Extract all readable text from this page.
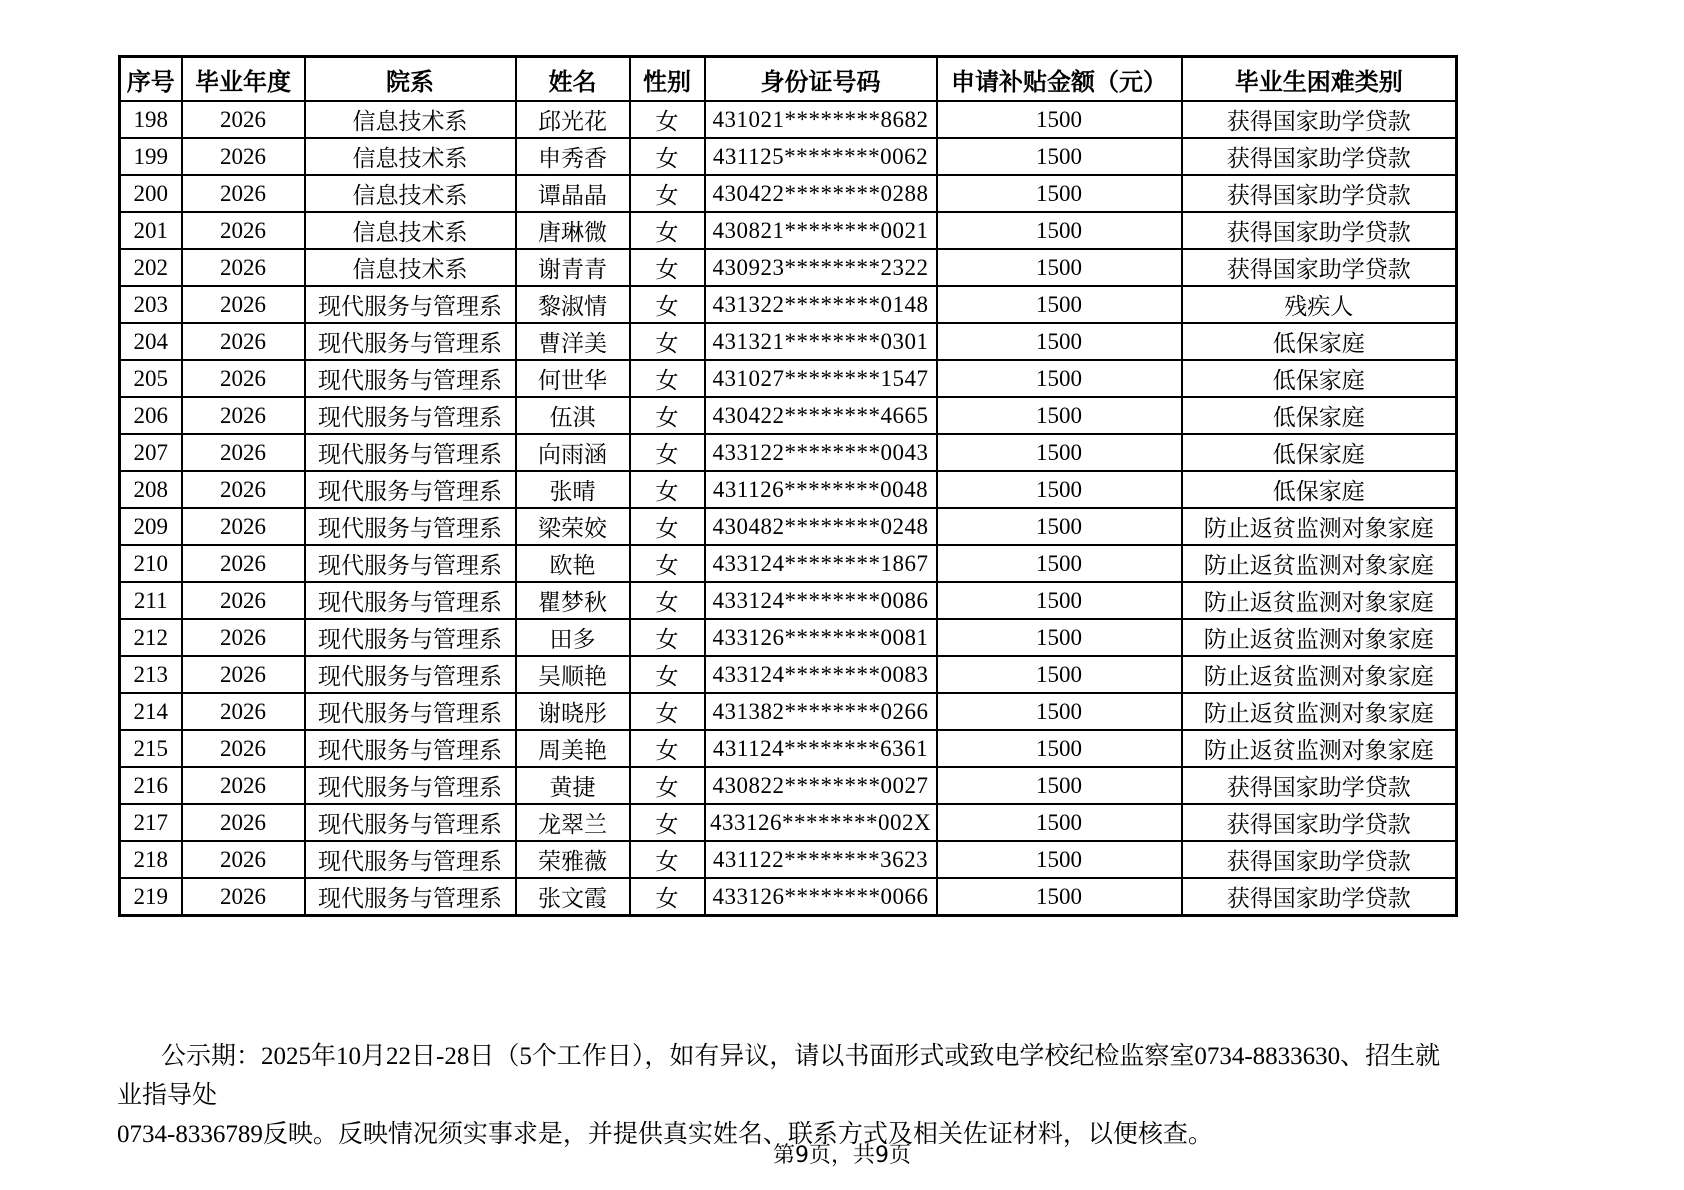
序号	毕业年度	院系	姓名	性别	身份证号码	申请补贴金额（元）	毕业生困难类别
198	2026	信息技术系	邱光花	女	431021********8682	1500	获得国家助学贷款
199	2026	信息技术系	申秀香	女	431125********0062	1500	获得国家助学贷款
200	2026	信息技术系	谭晶晶	女	430422********0288	1500	获得国家助学贷款
201	2026	信息技术系	唐琳微	女	430821********0021	1500	获得国家助学贷款
202	2026	信息技术系	谢青青	女	430923********2322	1500	获得国家助学贷款
203	2026	现代服务与管理系	黎淑情	女	431322********0148	1500	残疾人
204	2026	现代服务与管理系	曹洋美	女	431321********0301	1500	低保家庭
205	2026	现代服务与管理系	何世华	女	431027********1547	1500	低保家庭
206	2026	现代服务与管理系	伍淇	女	430422********4665	1500	低保家庭
207	2026	现代服务与管理系	向雨涵	女	433122********0043	1500	低保家庭
208	2026	现代服务与管理系	张晴	女	431126********0048	1500	低保家庭
209	2026	现代服务与管理系	梁荣姣	女	430482********0248	1500	防止返贫监测对象家庭
210	2026	现代服务与管理系	欧艳	女	433124********1867	1500	防止返贫监测对象家庭
211	2026	现代服务与管理系	瞿梦秋	女	433124********0086	1500	防止返贫监测对象家庭
212	2026	现代服务与管理系	田多	女	433126********0081	1500	防止返贫监测对象家庭
213	2026	现代服务与管理系	吴顺艳	女	433124********0083	1500	防止返贫监测对象家庭
214	2026	现代服务与管理系	谢晓彤	女	431382********0266	1500	防止返贫监测对象家庭
215	2026	现代服务与管理系	周美艳	女	431124********6361	1500	防止返贫监测对象家庭
216	2026	现代服务与管理系	黄捷	女	430822********0027	1500	获得国家助学贷款
217	2026	现代服务与管理系	龙翠兰	女	433126********002X	1500	获得国家助学贷款
218	2026	现代服务与管理系	荣雅薇	女	431122********3623	1500	获得国家助学贷款
219	2026	现代服务与管理系	张文霞	女	433126********0066	1500	获得国家助学贷款

公示期：2025年10月22日-28日（5个工作日），如有异议，请以书面形式或致电学校纪检监察室0734-8833630、招生就业指导处
0734-8336789反映。反映情况须实事求是，并提供真实姓名、联系方式及相关佐证材料，以便核查。

第9页，共9页
